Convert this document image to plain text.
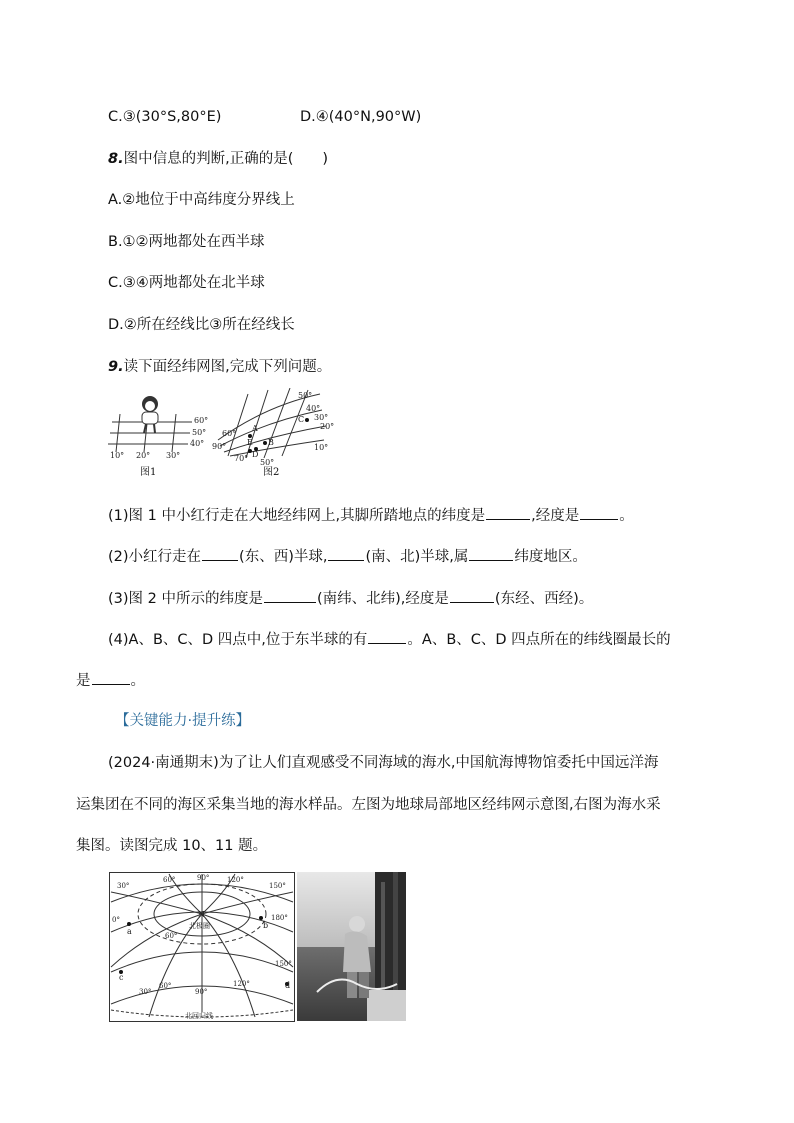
C.③(30°S,80°E)	D.④(40°N,90°W)
8.图中信息的判断,正确的是(　　)
A.②地位于中高纬度分界线上
B.①②两地都处在西半球
C.③④两地都处在北半球
D.②所在经线比③所在经线长
9.读下面经纬网图,完成下列问题。
60°
50°
40°
10° 20° 30°
图1
A
B
C
D
E
50°
40°
30°
20°
10°
90°
70° 50°
60°
图2
(1)图 1 中小红行走在大地经纬网上,其脚所踏地点的纬度是	,经度是	。
(2)小红行走在	(东、西)半球,	(南、北)半球,属	纬度地区。
(3)图 2 中所示的纬度是	(南纬、北纬),经度是	(东经、西经)。
(4)A、B、C、D 四点中,位于东半球的有	。A、B、C、D 四点所在的纬线圈最长的
是	。
【关键能力·提升练】
(2024·南通期末)为了让人们直观感受不同海域的海水,中国航海博物馆委托中国远洋海
运集团在不同的海区采集当地的海水样品。左图为地球局部地区经纬网示意图,右图为海水采
集图。读图完成 10、11 题。
N
北极圈
北回归线
30°
60°	90°	120°
150°
0°	180°
60°
30°
60°
90°
120°
150°
a
b
c
d
